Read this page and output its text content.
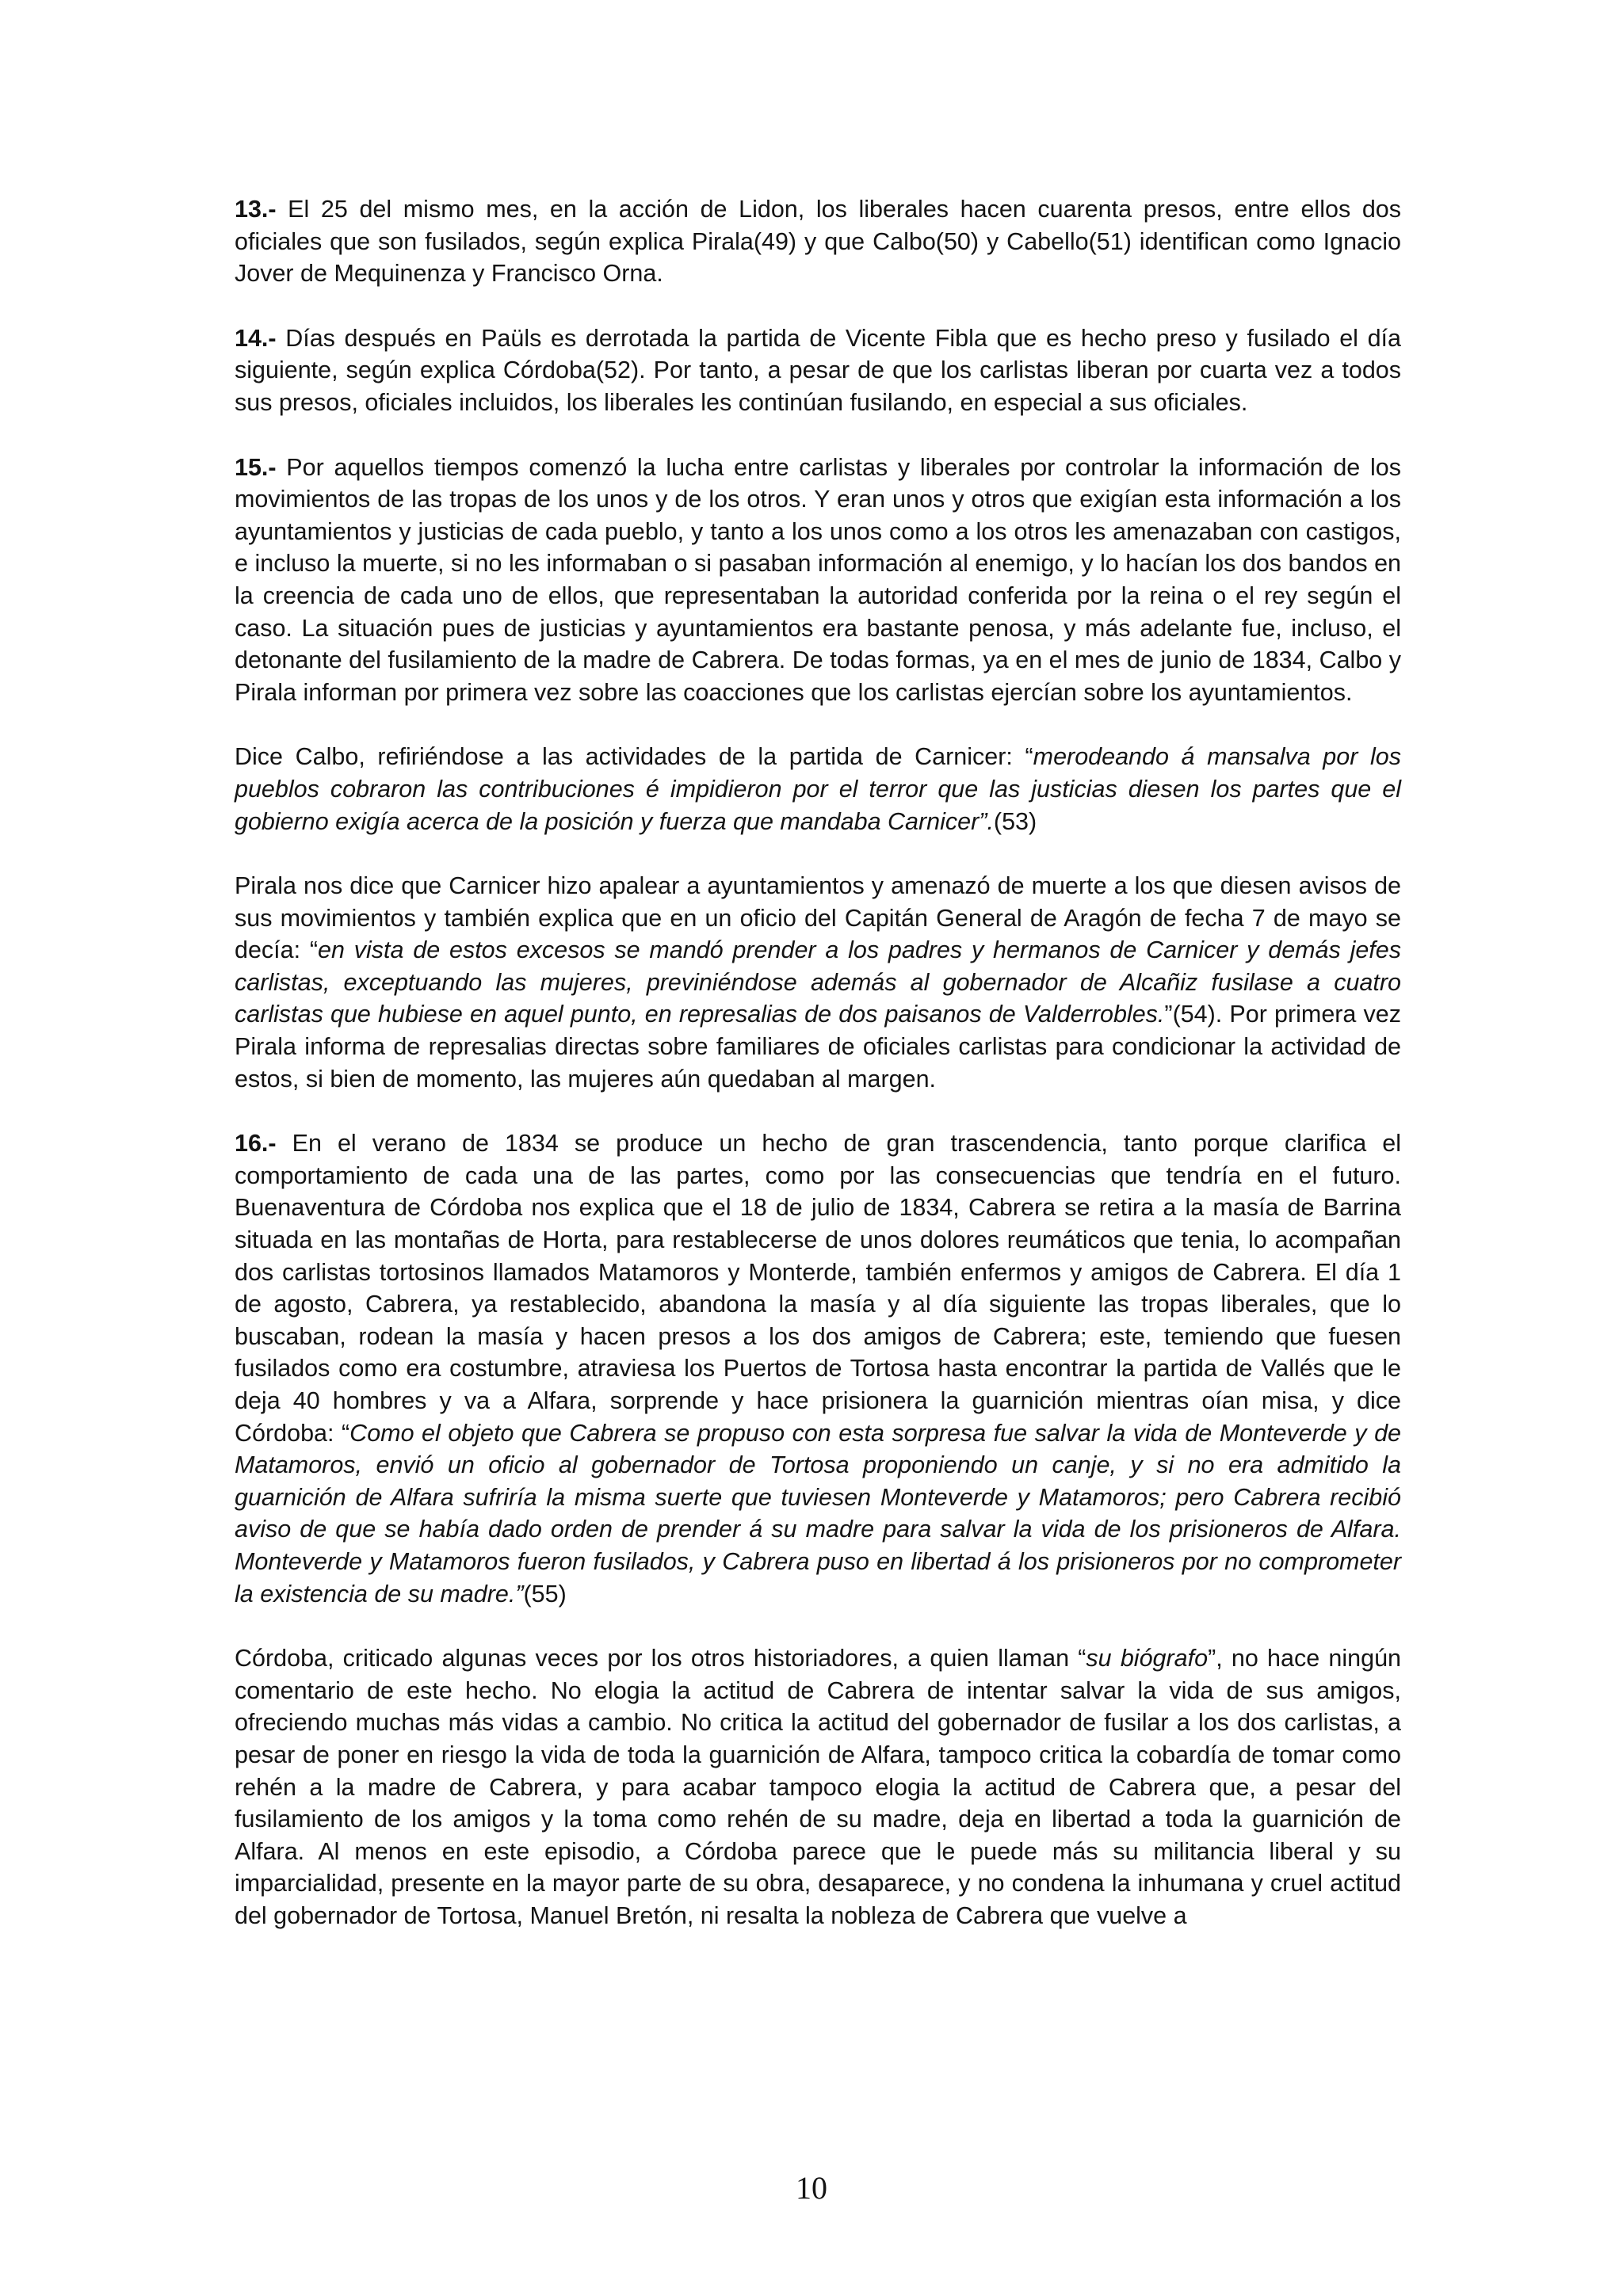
13.- El 25 del mismo mes, en la acción de Lidon, los liberales hacen cuarenta presos, entre ellos dos oficiales que son fusilados, según explica Pirala(49) y que Calbo(50) y Cabello(51) identifican como Ignacio Jover de Mequinenza y Francisco Orna.

14.- Días después en Paüls es derrotada la partida de Vicente Fibla que es hecho preso y fusilado el día siguiente, según explica Córdoba(52). Por tanto, a pesar de que los carlistas liberan por cuarta vez a todos sus presos, oficiales incluidos, los liberales les continúan fusilando, en especial a sus oficiales.

15.- Por aquellos tiempos comenzó la lucha entre carlistas y liberales por controlar la información de los movimientos de las tropas de los unos y de los otros. Y eran unos y otros que exigían esta información a los ayuntamientos y justicias de cada pueblo, y tanto a los unos como a los otros les amenazaban con castigos, e incluso la muerte, si no les informaban o si pasaban información al enemigo, y lo hacían los dos bandos en la creencia de cada uno de ellos, que representaban la autoridad conferida por la reina o el rey según el caso. La situación pues de justicias y ayuntamientos era bastante penosa, y más adelante fue, incluso, el detonante del fusilamiento de la madre de Cabrera. De todas formas, ya en el mes de junio de 1834, Calbo y Pirala informan por primera vez sobre las coacciones que los carlistas ejercían sobre los ayuntamientos.

Dice Calbo, refiriéndose a las actividades de la partida de Carnicer: “merodeando á mansalva por los pueblos cobraron las contribuciones é impidieron por el terror que las justicias diesen los partes que el gobierno exigía acerca de la posición y fuerza que mandaba Carnicer”.(53)

Pirala nos dice que Carnicer hizo apalear a ayuntamientos y amenazó de muerte a los que diesen avisos de sus movimientos y también explica que en un oficio del Capitán General de Aragón de fecha 7 de mayo se decía: “en vista de estos excesos se mandó prender a los padres y hermanos de Carnicer y demás jefes carlistas, exceptuando las mujeres, previniéndose además al gobernador de Alcañiz fusilase a cuatro carlistas que hubiese en aquel punto, en represalias de dos paisanos de Valderrobles.”(54). Por primera vez Pirala informa de represalias directas sobre familiares de oficiales carlistas para condicionar la actividad de estos, si bien de momento, las mujeres aún quedaban al margen.

16.- En el verano de 1834 se produce un hecho de gran trascendencia, tanto porque clarifica el comportamiento de cada una de las partes, como por las consecuencias que tendría en el futuro. Buenaventura de Córdoba nos explica que el 18 de julio de 1834, Cabrera se retira a la masía de Barrina situada en las montañas de Horta, para restablecerse de unos dolores reumáticos que tenia, lo acompañan dos carlistas tortosinos llamados Matamoros y Monterde, también enfermos y amigos de Cabrera. El día 1 de agosto, Cabrera, ya restablecido, abandona la masía y al día siguiente las tropas liberales, que lo buscaban, rodean la masía y hacen presos a los dos amigos de Cabrera; este, temiendo que fuesen fusilados como era costumbre, atraviesa los Puertos de Tortosa hasta encontrar la partida de Vallés que le deja 40 hombres y va a Alfara, sorprende y hace prisionera la guarnición mientras oían misa, y dice Córdoba: “Como el objeto que Cabrera se propuso con esta sorpresa fue salvar la vida de Monteverde y de Matamoros, envió un oficio al gobernador de Tortosa proponiendo un canje, y si no era admitido la guarnición de Alfara sufriría la misma suerte que tuviesen Monteverde y Matamoros; pero Cabrera recibió aviso de que se había dado orden de prender á su madre para salvar la vida de los prisioneros de Alfara. Monteverde y Matamoros fueron fusilados, y Cabrera puso en libertad á los prisioneros por no comprometer la existencia de su madre.”(55)

Córdoba, criticado algunas veces por los otros historiadores, a quien llaman “su biógrafo”, no hace ningún comentario de este hecho. No elogia la actitud de Cabrera de intentar salvar la vida de sus amigos, ofreciendo muchas más vidas a cambio. No critica la actitud del gobernador de fusilar a los dos carlistas, a pesar de poner en riesgo la vida de toda la guarnición de Alfara, tampoco critica la cobardía de tomar como rehén a la madre de Cabrera, y para acabar tampoco elogia la actitud de Cabrera que, a pesar del fusilamiento de los amigos y la toma como rehén de su madre, deja en libertad a toda la guarnición de Alfara. Al menos en este episodio, a Córdoba parece que le puede más su militancia liberal y su imparcialidad, presente en la mayor parte de su obra, desaparece, y no condena la inhumana y cruel actitud del gobernador de Tortosa, Manuel Bretón, ni resalta la nobleza de Cabrera que vuelve a

10
